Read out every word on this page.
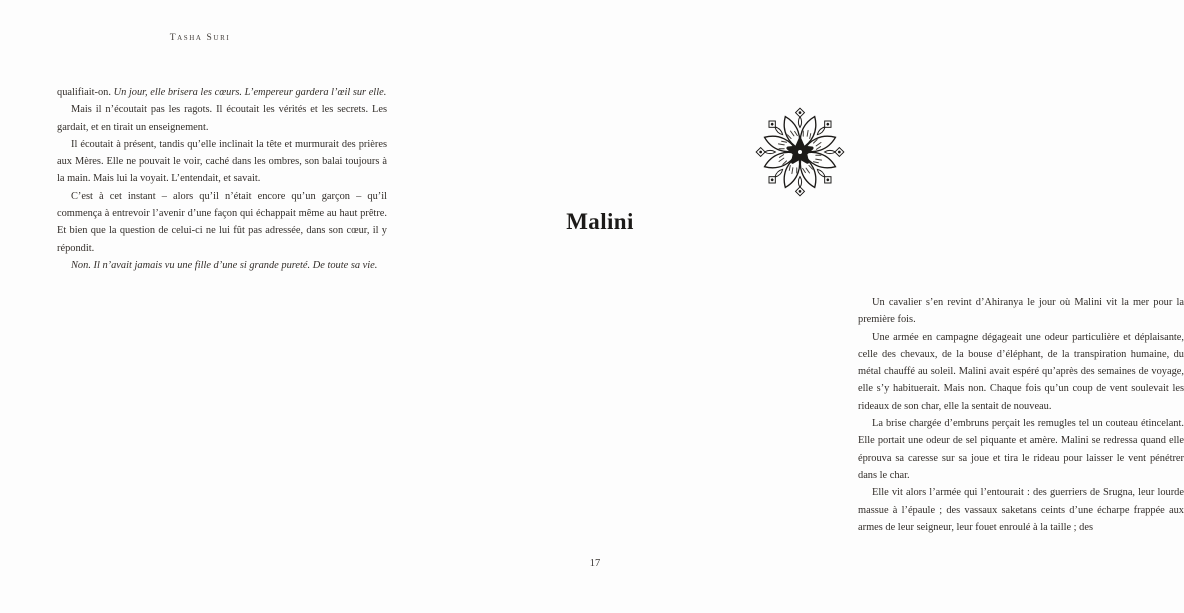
Tasha Suri

qualifiait-on. Un jour, elle brisera les cœurs. L’empereur gardera l’œil sur elle.

Mais il n’écoutait pas les ragots. Il écoutait les vérités et les secrets. Les gardait, et en tirait un enseignement.

Il écoutait à présent, tandis qu’elle inclinait la tête et murmurait des prières aux Mères. Elle ne pouvait le voir, caché dans les ombres, son balai toujours à la main. Mais lui la voyait. L’entendait, et savait.

C’est à cet instant – alors qu’il n’était encore qu’un garçon – qu’il commença à entrevoir l’avenir d’une façon qui échappait même au haut prêtre. Et bien que la question de celui-ci ne lui fût pas adressée, dans son cœur, il y répondit.

Non. Il n’avait jamais vu une fille d’une si grande pureté. De toute sa vie.

Malini

Un cavalier s’en revint d’Ahiranya le jour où Malini vit la mer pour la première fois.

Une armée en campagne dégageait une odeur particulière et déplaisante, celle des chevaux, de la bouse d’éléphant, de la transpiration humaine, du métal chauffé au soleil. Malini avait espéré qu’après des semaines de voyage, elle s’y habituerait. Mais non. Chaque fois qu’un coup de vent soulevait les rideaux de son char, elle la sentait de nouveau.

La brise chargée d’embruns perçait les remugles tel un couteau étincelant. Elle portait une odeur de sel piquante et amère. Malini se redressa quand elle éprouva sa caresse sur sa joue et tira le rideau pour laisser le vent pénétrer dans le char.

Elle vit alors l’armée qui l’entourait : des guerriers de Srugna, leur lourde massue à l’épaule ; des vassaux saketans ceints d’une écharpe frappée aux armes de leur seigneur, leur fouet enroulé à la taille ; des

17
